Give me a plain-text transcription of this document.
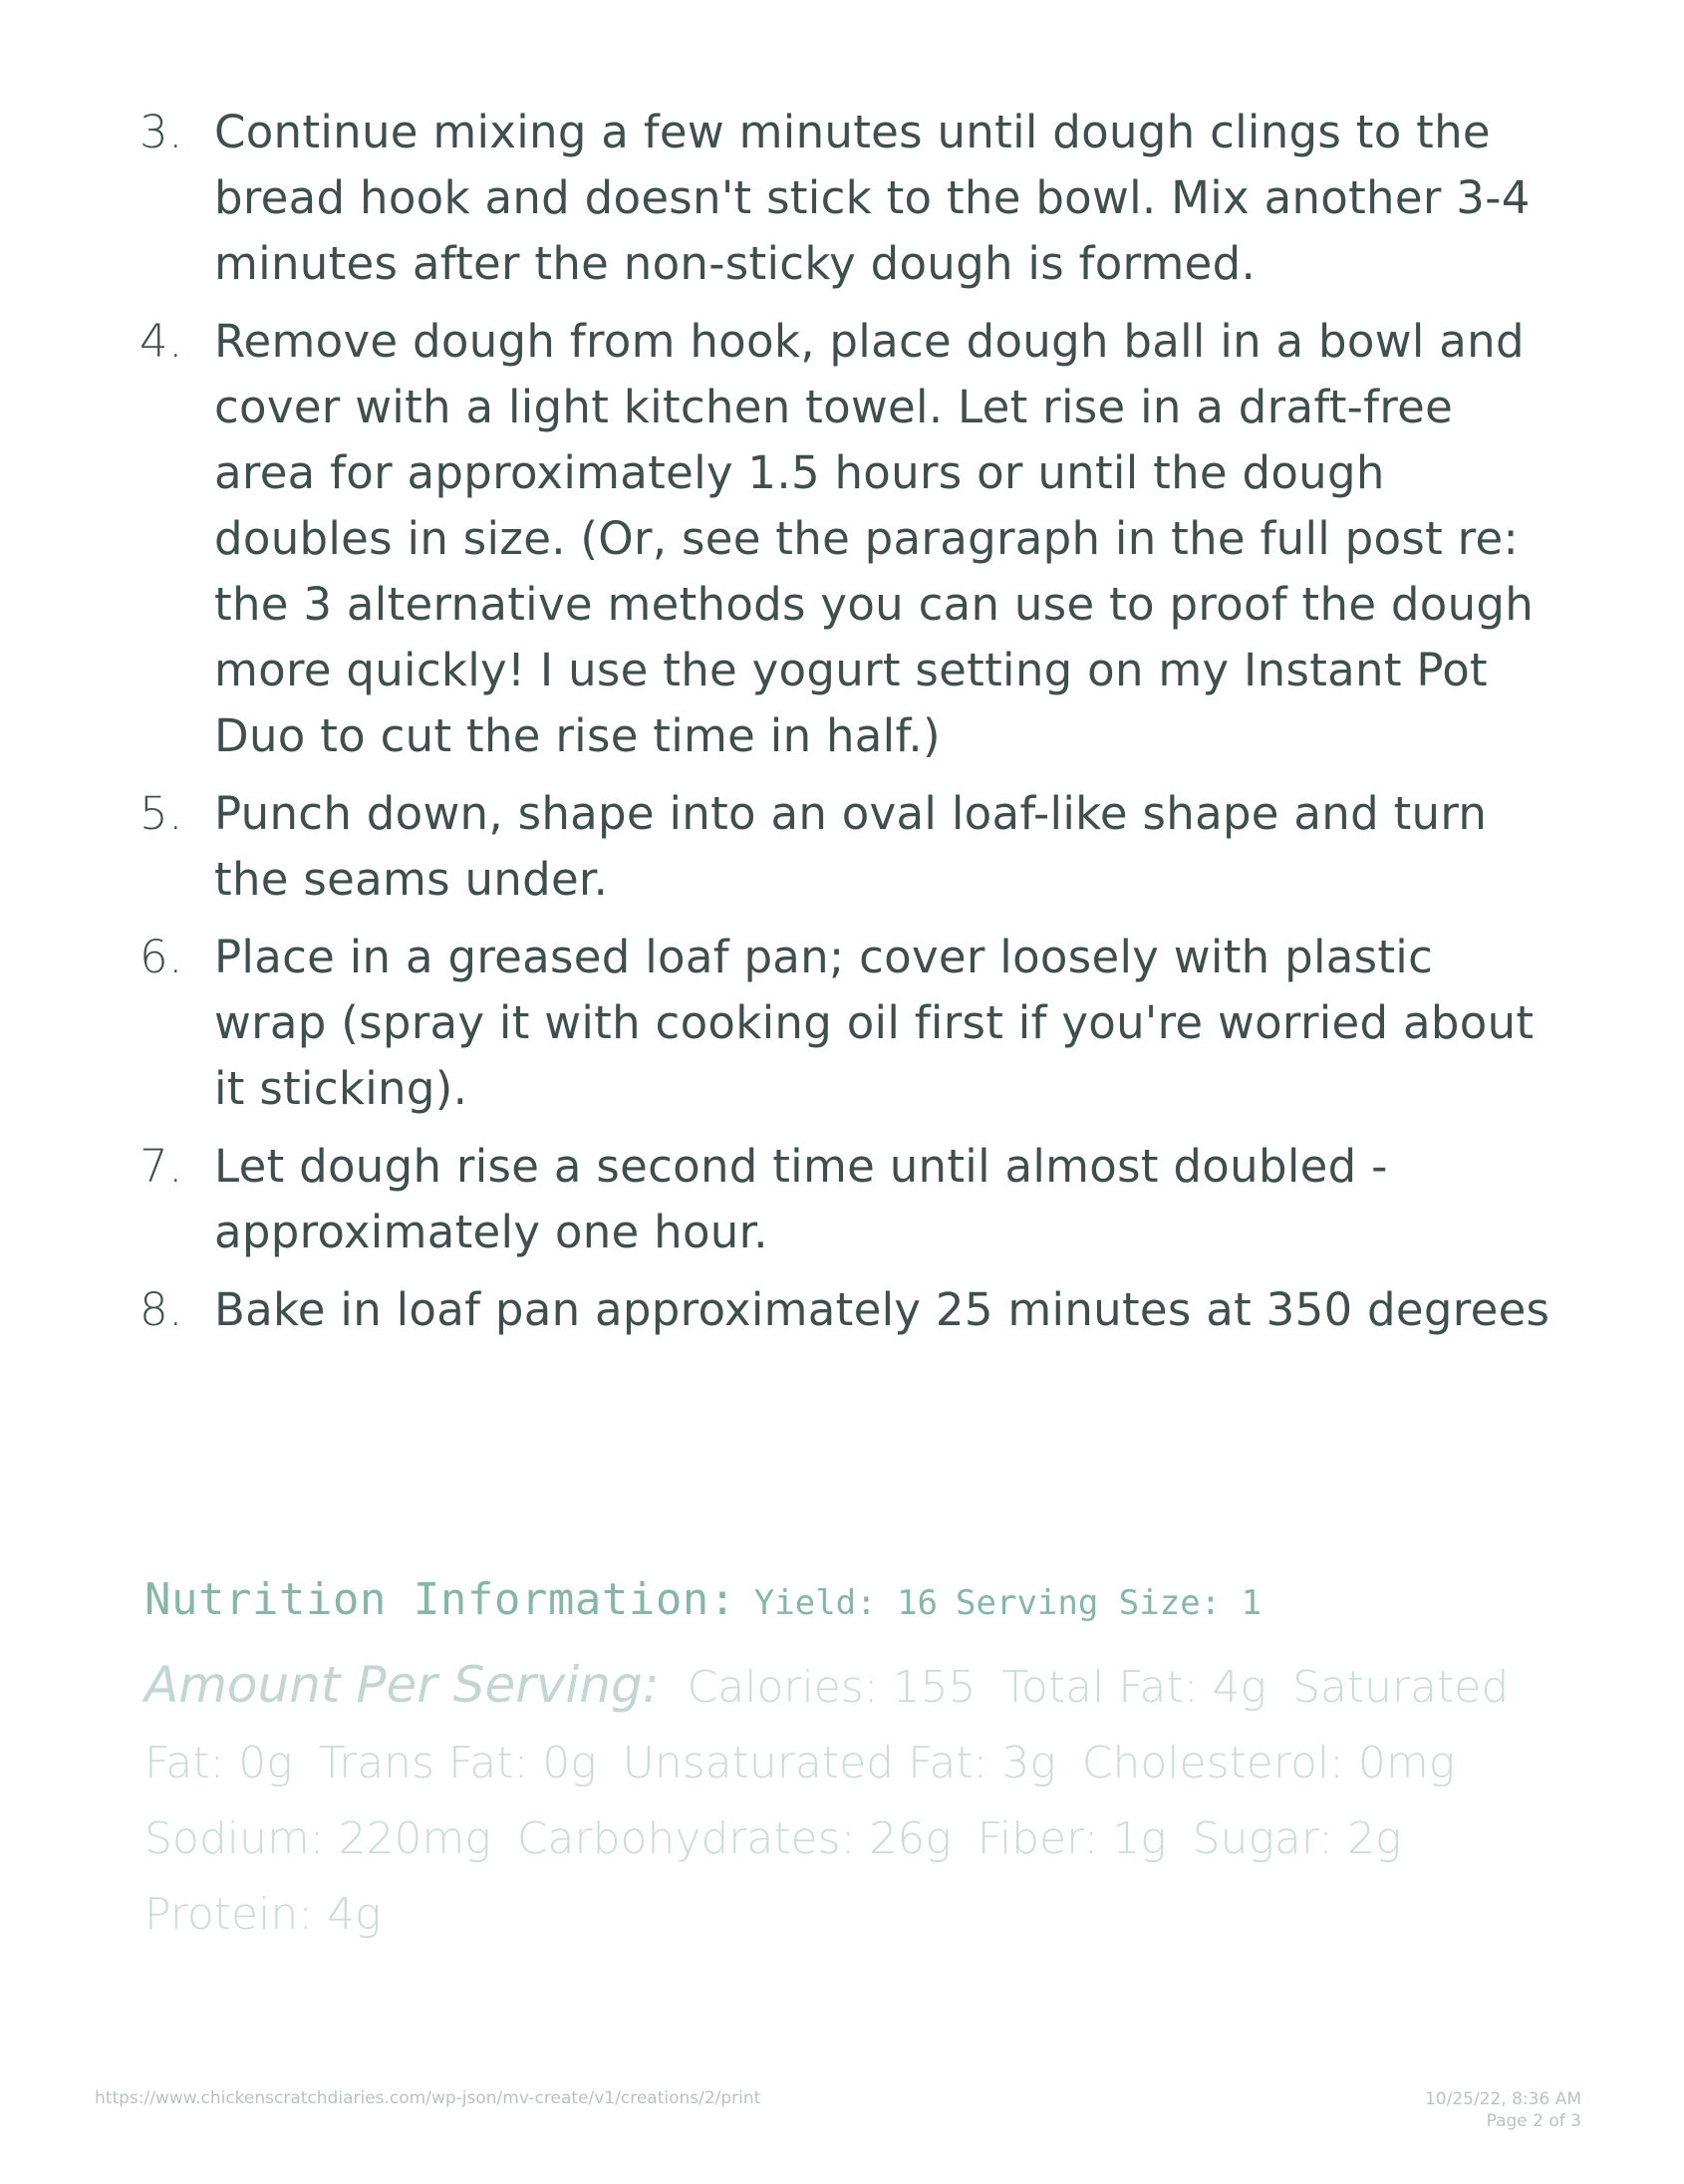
3. Continue mixing a few minutes until dough clings to the bread hook and doesn't stick to the bowl. Mix another 3-4 minutes after the non-sticky dough is formed.
4. Remove dough from hook, place dough ball in a bowl and cover with a light kitchen towel. Let rise in a draft-free area for approximately 1.5 hours or until the dough doubles in size. (Or, see the paragraph in the full post re: the 3 alternative methods you can use to proof the dough more quickly! I use the yogurt setting on my Instant Pot Duo to cut the rise time in half.)
5. Punch down, shape into an oval loaf-like shape and turn the seams under.
6. Place in a greased loaf pan; cover loosely with plastic wrap (spray it with cooking oil first if you're worried about it sticking).
7. Let dough rise a second time until almost doubled - approximately one hour.
8. Bake in loaf pan approximately 25 minutes at 350 degrees
Nutrition Information: Yield: 16 Serving Size: 1
Amount Per Serving: Calories: 155 Total Fat: 4g Saturated Fat: 0g Trans Fat: 0g Unsaturated Fat: 3g Cholesterol: 0mg Sodium: 220mg Carbohydrates: 26g Fiber: 1g Sugar: 2g Protein: 4g
https://www.chickenscratchdiaries.com/wp-json/mv-create/v1/creations/2/print	10/25/22, 8:36 AM
Page 2 of 3
